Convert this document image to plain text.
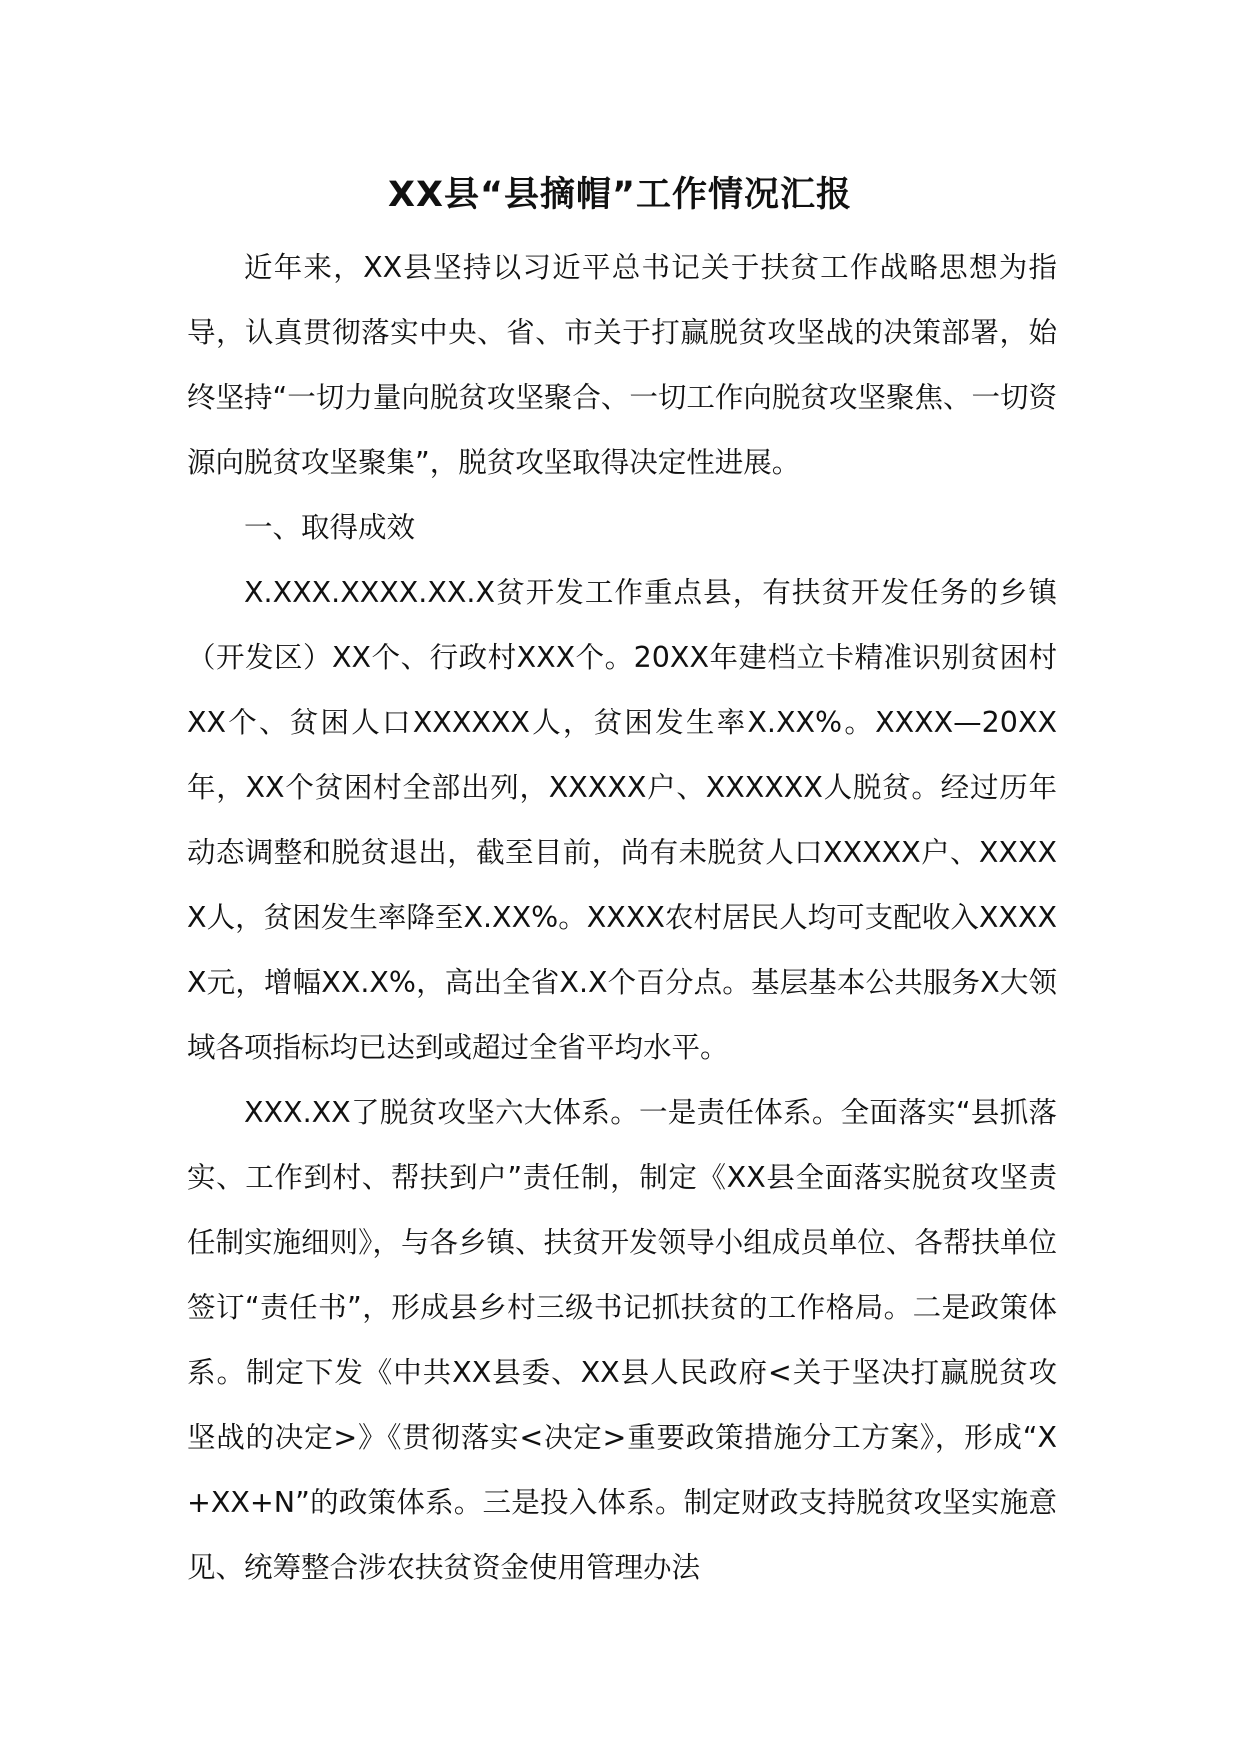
XX县“县摘帽”工作情况汇报

近年来，XX县坚持以习近平总书记关于扶贫工作战略思想为指导，认真贯彻落实中央、省、市关于打赢脱贫攻坚战的决策部署，始终坚持“一切力量向脱贫攻坚聚合、一切工作向脱贫攻坚聚焦、一切资源向脱贫攻坚聚集”，脱贫攻坚取得决定性进展。

一、取得成效

X.XXX.XXXX.XX.X贫开发工作重点县，有扶贫开发任务的乡镇（开发区）XX个、行政村XXX个。20XX年建档立卡精准识别贫困村XX个、贫困人口XXXXXX人，贫困发生率X.XX%。XXXX—20XX年，XX个贫困村全部出列，XXXXX户、XXXXXX人脱贫。经过历年动态调整和脱贫退出，截至目前，尚有未脱贫人口XXXXX户、XXXXX人，贫困发生率降至X.XX%。XXXX农村居民人均可支配收入XXXXX元，增幅XX.X%，高出全省X.X个百分点。基层基本公共服务X大领域各项指标均已达到或超过全省平均水平。

XXX.XX了脱贫攻坚六大体系。一是责任体系。全面落实“县抓落实、工作到村、帮扶到户”责任制，制定《XX县全面落实脱贫攻坚责任制实施细则》，与各乡镇、扶贫开发领导小组成员单位、各帮扶单位签订“责任书”，形成县乡村三级书记抓扶贫的工作格局。二是政策体系。制定下发《中共XX县委、XX县人民政府<关于坚决打赢脱贫攻坚战的决定>》《贯彻落实<决定>重要政策措施分工方案》，形成“X+XX+N”的政策体系。三是投入体系。制定财政支持脱贫攻坚实施意见、统筹整合涉农扶贫资金使用管理办法
